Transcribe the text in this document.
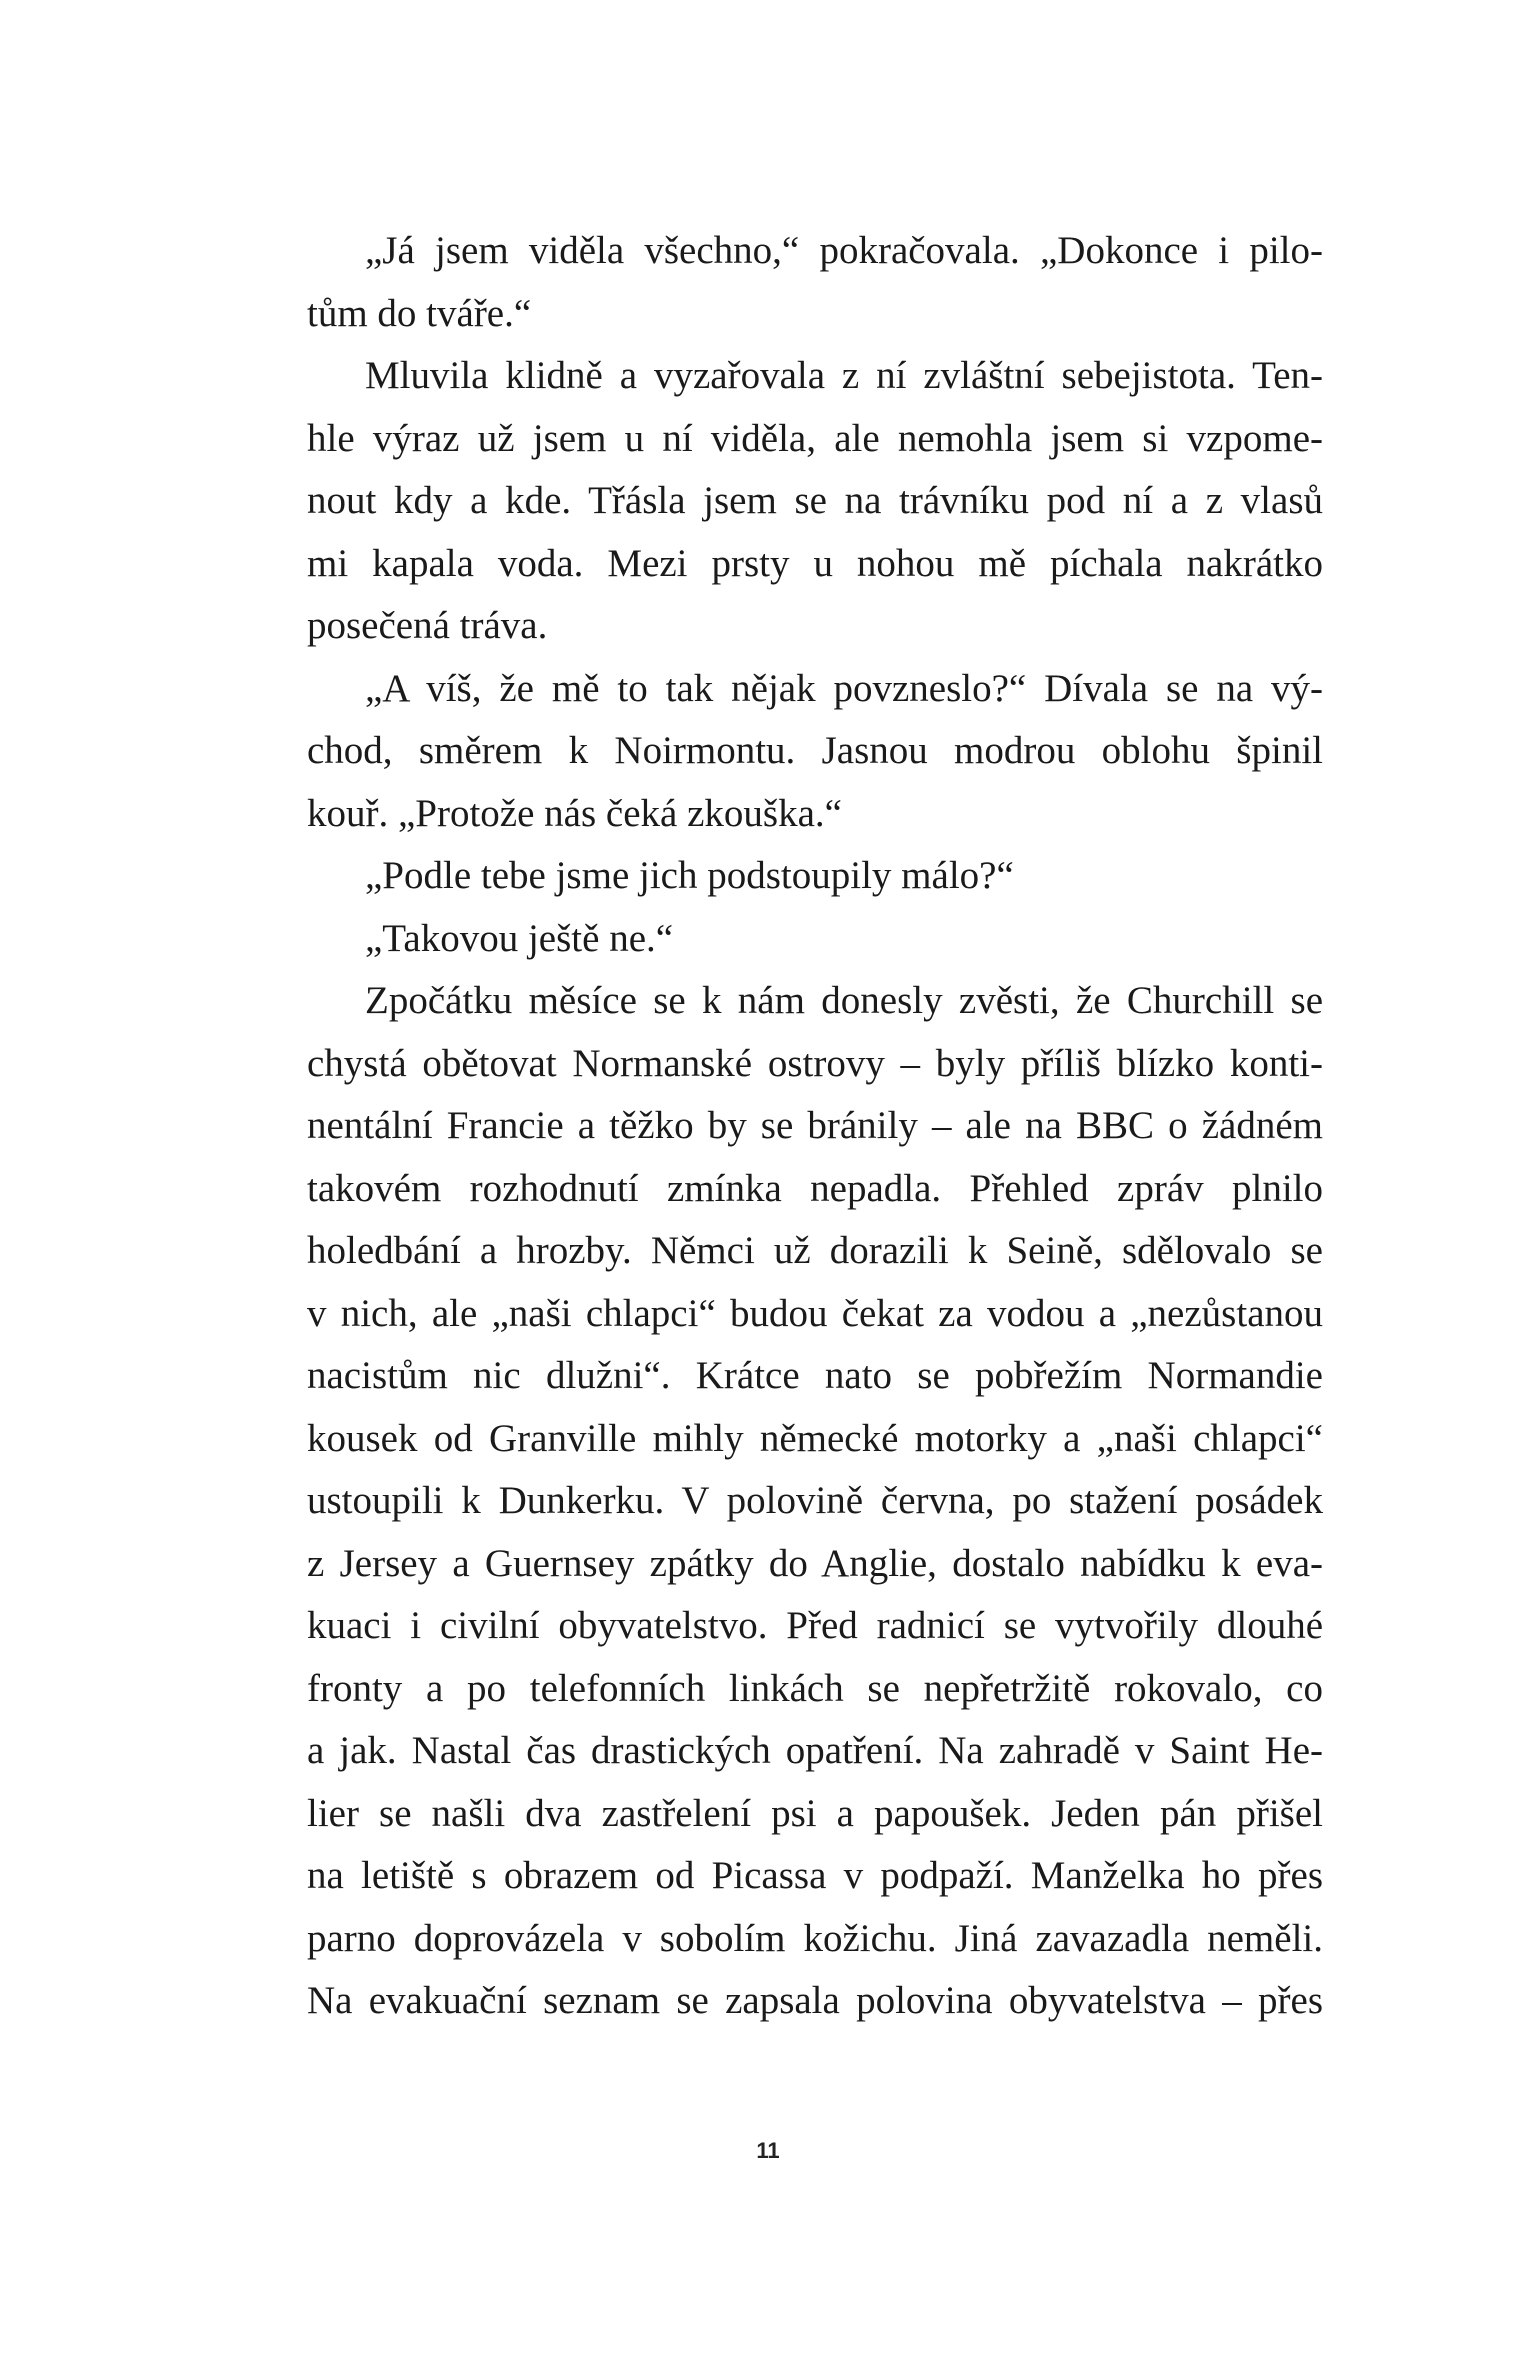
„Já jsem viděla všechno,“ pokračovala. „Dokonce i pilo-
tům do tváře.“
Mluvila klidně a vyzařovala z ní zvláštní sebejistota. Ten-
hle výraz už jsem u ní viděla, ale nemohla jsem si vzpome-
nout kdy a kde. Třásla jsem se na trávníku pod ní a z vlasů
mi kapala voda. Mezi prsty u nohou mě píchala nakrátko
posečená tráva.
„A víš, že mě to tak nějak povzneslo?“ Dívala se na vý-
chod, směrem k Noirmontu. Jasnou modrou oblohu špinil
kouř. „Protože nás čeká zkouška.“
„Podle tebe jsme jich podstoupily málo?“
„Takovou ještě ne.“
Zpočátku měsíce se k nám donesly zvěsti, že Churchill se
chystá obětovat Normanské ostrovy – byly příliš blízko konti-
nentální Francie a těžko by se bránily – ale na BBC o žádném
takovém rozhodnutí zmínka nepadla. Přehled zpráv plnilo
holedbání a hrozby. Němci už dorazili k Seině, sdělovalo se
v nich, ale „naši chlapci“ budou čekat za vodou a „nezůstanou
nacistům nic dlužni“. Krátce nato se pobřežím Normandie
kousek od Granville mihly německé motorky a „naši chlapci“
ustoupili k Dunkerku. V polovině června, po stažení posádek
z Jersey a Guernsey zpátky do Anglie, dostalo nabídku k eva-
kuaci i civilní obyvatelstvo. Před radnicí se vytvořily dlouhé
fronty a po telefonních linkách se nepřetržitě rokovalo, co
a jak. Nastal čas drastických opatření. Na zahradě v Saint He-
lier se našli dva zastřelení psi a papoušek. Jeden pán přišel
na letiště s obrazem od Picassa v podpaží. Manželka ho přes
parno doprovázela v sobolím kožichu. Jiná zavazadla neměli.
Na evakuační seznam se zapsala polovina obyvatelstva – přes
11
